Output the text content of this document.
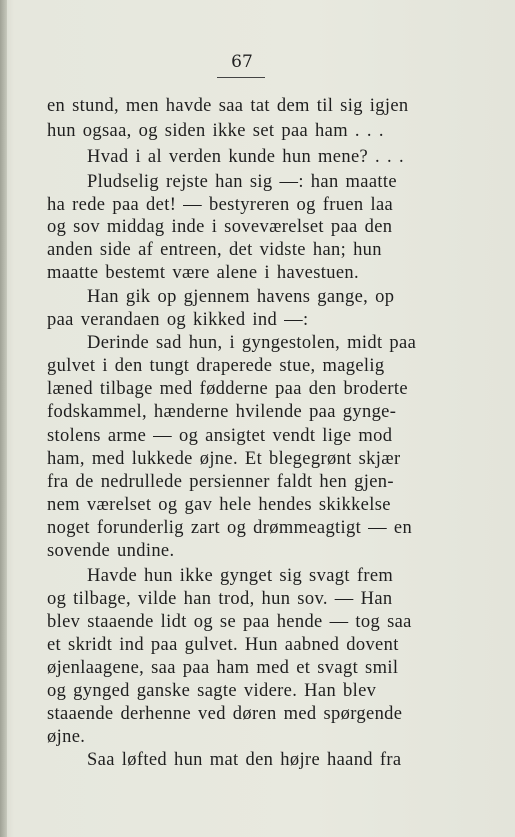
67
en stund, men havde saa tat dem til sig igjen
hun ogsaa, og siden ikke set paa ham . . .
Hvad i al verden kunde hun mene? . . .
Pludselig rejste han sig —: han maatte
ha rede paa det! — bestyreren og fruen laa
og sov middag inde i soveværelset paa den
anden side af entreen, det vidste han; hun
maatte bestemt være alene i havestuen.
Han gik op gjennem havens gange, op
paa verandaen og kikked ind —:
Derinde sad hun, i gyngestolen, midt paa
gulvet i den tungt draperede stue, magelig
læned tilbage med fødderne paa den broderte
fodskammel, hænderne hvilende paa gynge-
stolens arme — og ansigtet vendt lige mod
ham, med lukkede øjne. Et blegegrønt skjær
fra de nedrullede persienner faldt hen gjen-
nem værelset og gav hele hendes skikkelse
noget forunderlig zart og drømmeagtigt — en
sovende undine.
Havde hun ikke gynget sig svagt frem
og tilbage, vilde han trod, hun sov. — Han
blev staaende lidt og se paa hende — tog saa
et skridt ind paa gulvet. Hun aabned dovent
øjenlaagene, saa paa ham med et svagt smil
og gynged ganske sagte videre. Han blev
staaende derhenne ved døren med spørgende
øjne.
Saa løfted hun mat den højre haand fra
